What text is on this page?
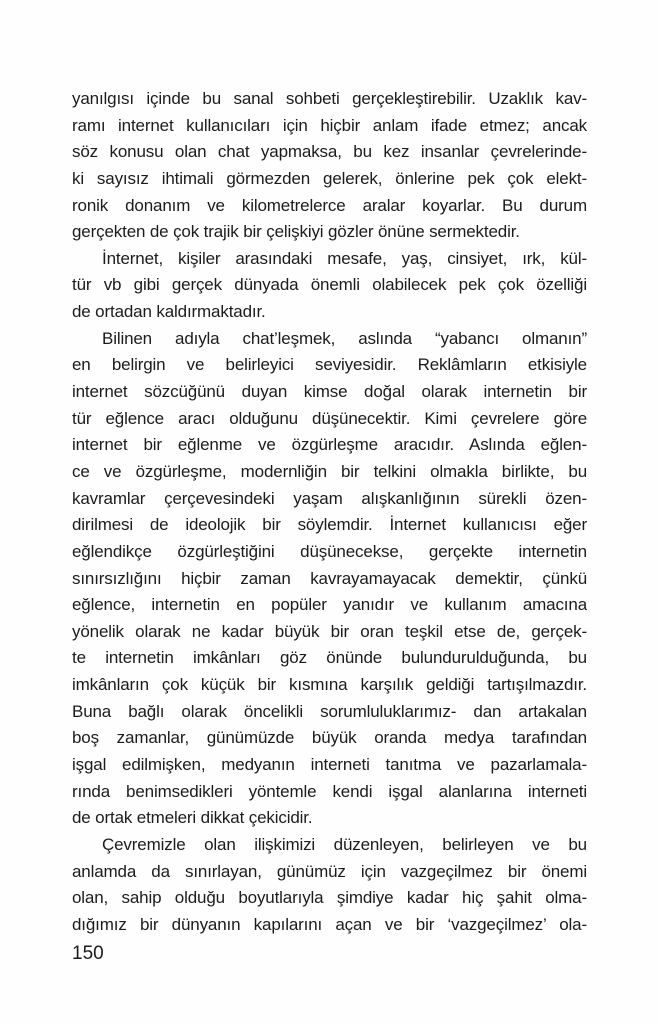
yanılgısı içinde bu sanal sohbeti gerçekleştirebilir. Uzaklık kav-
ramı internet kullanıcıları için hiçbir anlam ifade etmez; ancak
söz konusu olan chat yapmaksa, bu kez insanlar çevrelerinde-
ki sayısız ihtimali görmezden gelerek, önlerine pek çok elekt-
ronik donanım ve kilometrelerce aralar koyarlar. Bu durum
gerçekten de çok trajik bir çelişkiyi gözler önüne sermektedir.
İnternet, kişiler arasındaki mesafe, yaş, cinsiyet, ırk, kül-
tür vb gibi gerçek dünyada önemli olabilecek pek çok özelliği
de ortadan kaldırmaktadır.
Bilinen adıyla chat’leşmek, aslında “yabancı olmanın”
en belirgin ve belirleyici seviyesidir. Reklâmların etkisiyle
internet sözcüğünü duyan kimse doğal olarak internetin bir
tür eğlence aracı olduğunu düşünecektir. Kimi çevrelere göre
internet bir eğlenme ve özgürleşme aracıdır. Aslında eğlen-
ce ve özgürleşme, modernliğin bir telkini olmakla birlikte, bu
kavramlar çerçevesindeki yaşam alışkanlığının sürekli özen-
dirilmesi de ideolojik bir söylemdir. İnternet kullanıcısı eğer
eğlendikçe özgürleştiğini düşünecekse, gerçekte internetin
sınırsızlığını hiçbir zaman kavrayamayacak demektir, çünkü
eğlence, internetin en popüler yanıdır ve kullanım amacına
yönelik olarak ne kadar büyük bir oran teşkil etse de, gerçek-
te internetin imkânları göz önünde bulundurulduğunda, bu
imkânların çok küçük bir kısmına karşılık geldiği tartışılmazdır.
Buna bağlı olarak öncelikli sorumluluklarımız- dan artakalan
boş zamanlar, günümüzde büyük oranda medya tarafından
işgal edilmişken, medyanın interneti tanıtma ve pazarlamala-
rında benimsedikleri yöntemle kendi işgal alanlarına interneti
de ortak etmeleri dikkat çekicidir.
Çevremizle olan ilişkimizi düzenleyen, belirleyen ve bu
anlamda da sınırlayan, günümüz için vazgeçilmez bir önemi
olan, sahip olduğu boyutlarıyla şimdiye kadar hiç şahit olma-
dığımız bir dünyanın kapılarını açan ve bir ‘vazgeçilmez’ ola-
150
